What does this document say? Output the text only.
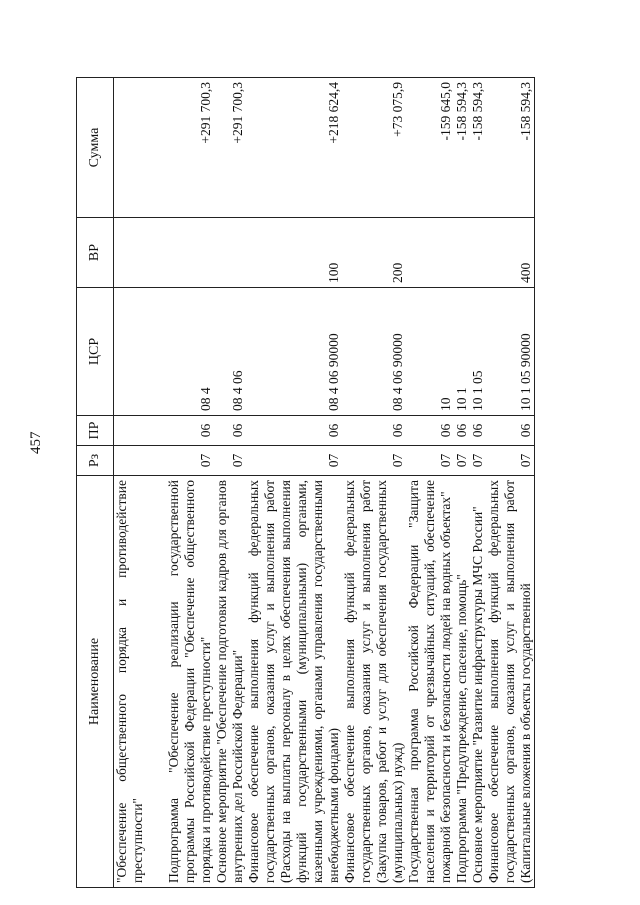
457
Наименование	Рз	ПР	ЦСР	ВР	Сумма
"Обеспечение общественного порядка и противодействие преступности"					
Подпрограмма "Обеспечение реализации государственной программы Российской Федерации "Обеспечение общественного порядка и противодействие преступности"	07	06	08 4		+291 700,3
Основное мероприятие "Обеспечение подготовки кадров для органов внутренних дел Российской Федерации"	07	06	08 4 06		+291 700,3
Финансовое обеспечение выполнения функций федеральных государственных органов, оказания услуг и выполнения работ (Расходы на выплаты персоналу в целях обеспечения выполнения функций государственными (муниципальными) органами, казенными учреждениями, органами управления государственными внебюджетными фондами)	07	06	08 4 06 90000	100	+218 624,4
Финансовое обеспечение выполнения функций федеральных государственных органов, оказания услуг и выполнения работ (Закупка товаров, работ и услуг для обеспечения государственных (муниципальных) нужд)	07	06	08 4 06 90000	200	+73 075,9
Государственная программа Российской Федерации "Защита населения и территорий от чрезвычайных ситуаций, обеспечение пожарной безопасности и безопасности людей на водных объектах"	07	06	10		-159 645,0
Подпрограмма "Предупреждение, спасение, помощь"	07	06	10 1		-158 594,3
Основное мероприятие "Развитие инфраструктуры МЧС России"	07	06	10 1 05		-158 594,3
Финансовое обеспечение выполнения функций федеральных государственных органов, оказания услуг и выполнения работ (Капитальные вложения в объекты государственной	07	06	10 1 05 90000	400	-158 594,3
